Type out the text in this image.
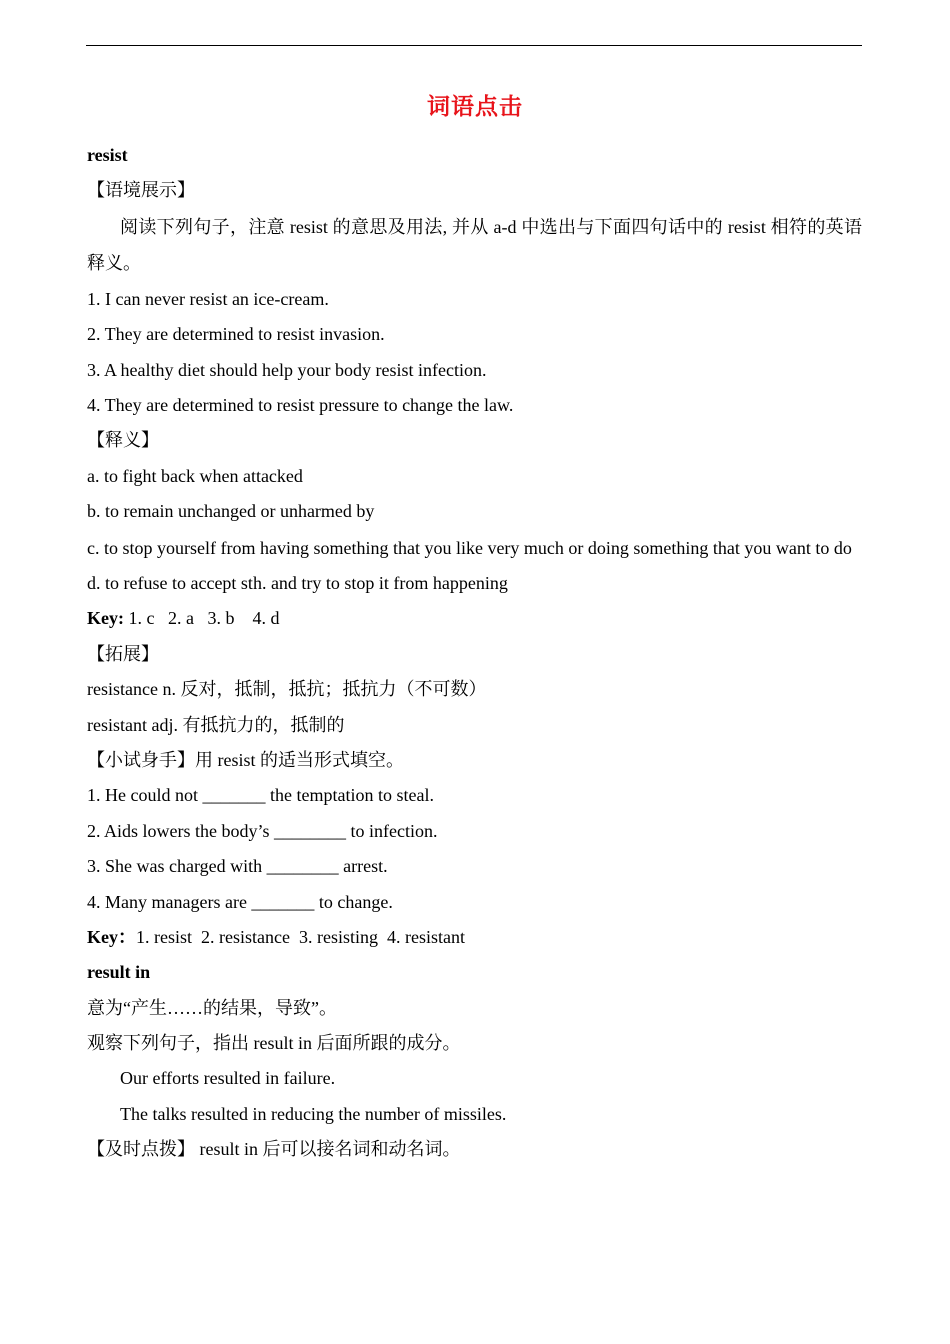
词语点击
resist
【语境展示】
阅读下列句子，注意 resist 的意思及用法, 并从 a-d 中选出与下面四句话中的 resist 相符的英语释义。
1. I can never resist an ice-cream.
2. They are determined to resist invasion.
3. A healthy diet should help your body resist infection.
4. They are determined to resist pressure to change the law.
【释义】
a. to fight back when attacked
b. to remain unchanged or unharmed by
c. to stop yourself from having something that you like very much or doing something that you want to do
d. to refuse to accept sth. and try to stop it from happening
Key: 1. c   2. a   3. b    4. d
【拓展】
resistance n. 反对，抵制，抵抗；抵抗力（不可数）
resistant adj. 有抵抗力的，抵制的
【小试身手】用 resist 的适当形式填空。
1. He could not _______ the temptation to steal.
2. Aids lowers the body’s ________ to infection.
3. She was charged with ________ arrest.
4. Many managers are _______ to change.
Key：1. resist  2. resistance  3. resisting  4. resistant
result in
意为“产生……的结果，导致”。
观察下列句子，指出 result in 后面所跟的成分。
Our efforts resulted in failure.
The talks resulted in reducing the number of missiles.
【及时点拨】 result in 后可以接名词和动名词。
